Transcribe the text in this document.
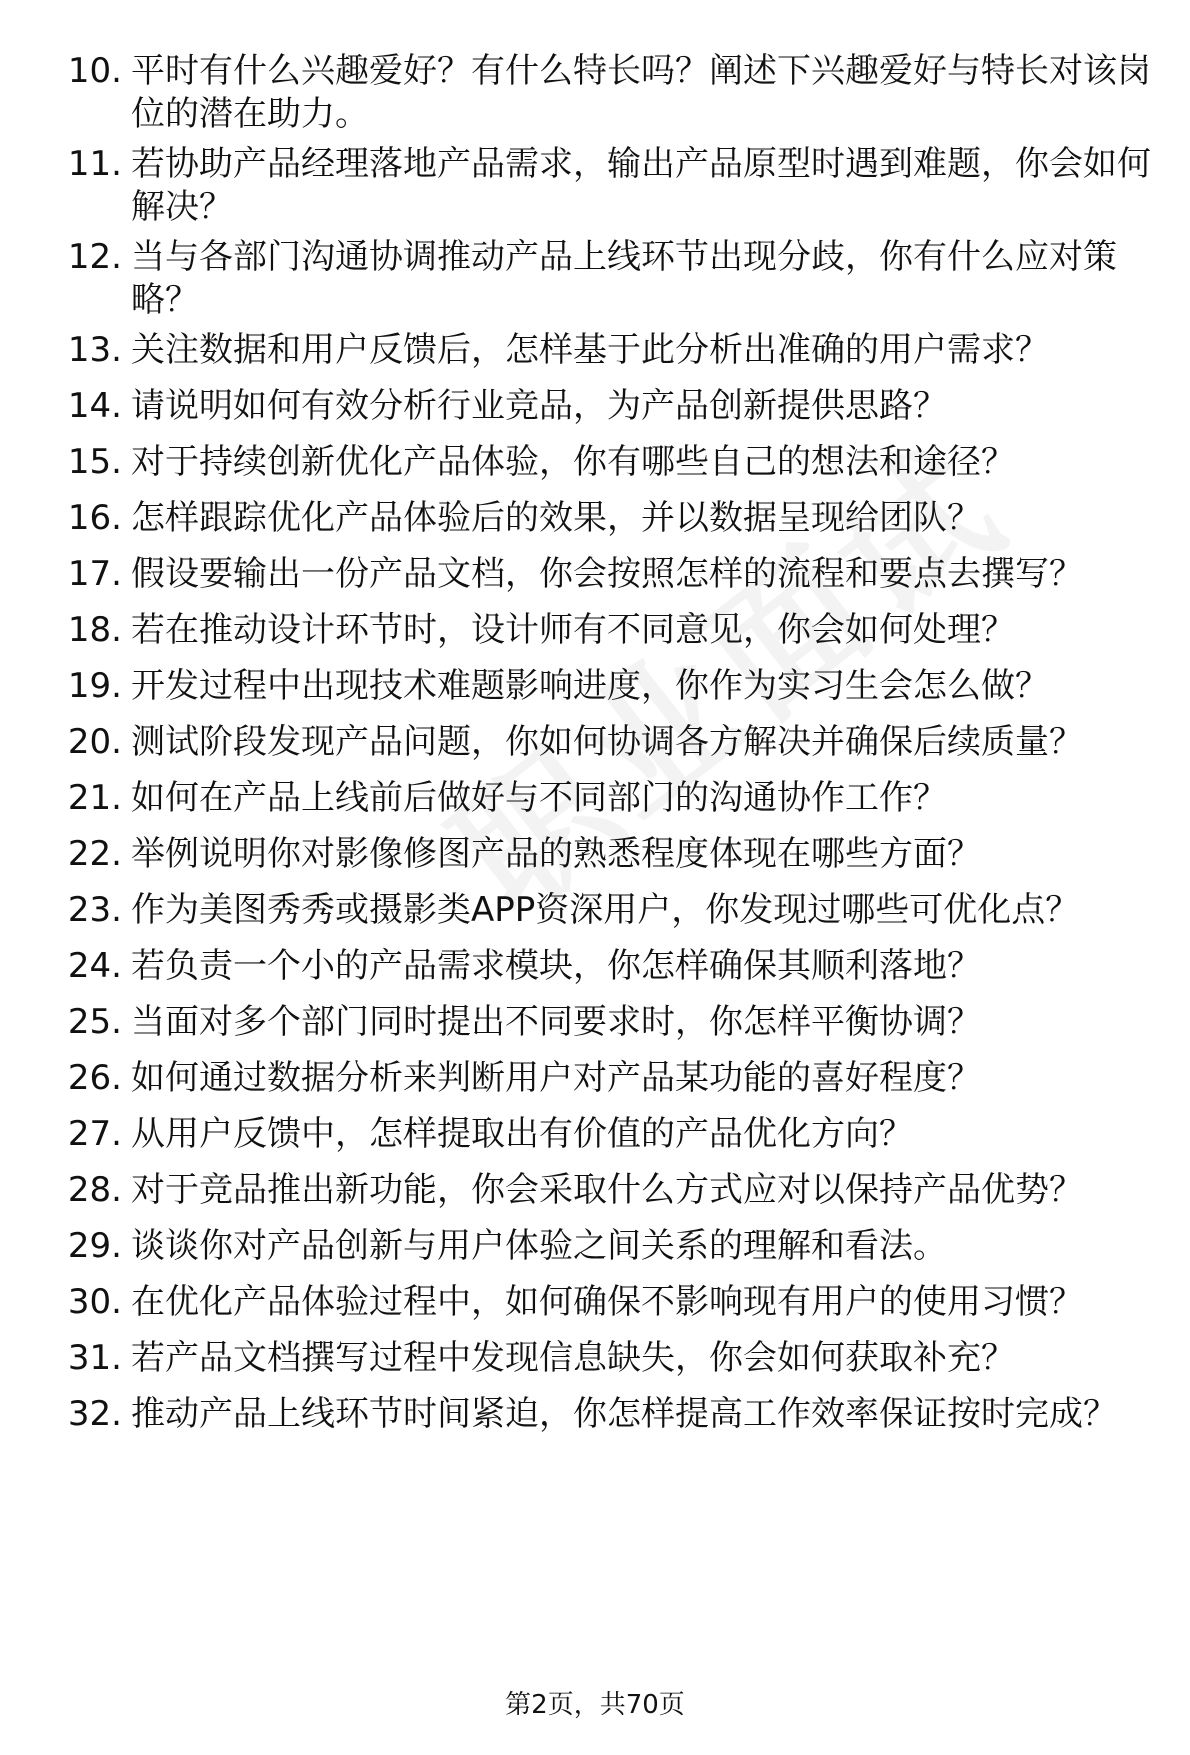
10. 平时有什么兴趣爱好？有什么特长吗？阐述下兴趣爱好与特长对该岗位的潜在助力。
11. 若协助产品经理落地产品需求，输出产品原型时遇到难题，你会如何解决？
12. 当与各部门沟通协调推动产品上线环节出现分歧，你有什么应对策略？
13. 关注数据和用户反馈后，怎样基于此分析出准确的用户需求？
14. 请说明如何有效分析行业竞品，为产品创新提供思路？
15. 对于持续创新优化产品体验，你有哪些自己的想法和途径？
16. 怎样跟踪优化产品体验后的效果，并以数据呈现给团队？
17. 假设要输出一份产品文档，你会按照怎样的流程和要点去撰写？
18. 若在推动设计环节时，设计师有不同意见，你会如何处理？
19. 开发过程中出现技术难题影响进度，你作为实习生会怎么做？
20. 测试阶段发现产品问题，你如何协调各方解决并确保后续质量？
21. 如何在产品上线前后做好与不同部门的沟通协作工作？
22. 举例说明你对影像修图产品的熟悉程度体现在哪些方面？
23. 作为美图秀秀或摄影类APP资深用户，你发现过哪些可优化点？
24. 若负责一个小的产品需求模块，你怎样确保其顺利落地？
25. 当面对多个部门同时提出不同要求时，你怎样平衡协调？
26. 如何通过数据分析来判断用户对产品某功能的喜好程度？
27. 从用户反馈中，怎样提取出有价值的产品优化方向？
28. 对于竞品推出新功能，你会采取什么方式应对以保持产品优势？
29. 谈谈你对产品创新与用户体验之间关系的理解和看法。
30. 在优化产品体验过程中，如何确保不影响现有用户的使用习惯？
31. 若产品文档撰写过程中发现信息缺失，你会如何获取补充？
32. 推动产品上线环节时间紧迫，你怎样提高工作效率保证按时完成？
第2页，共70页
